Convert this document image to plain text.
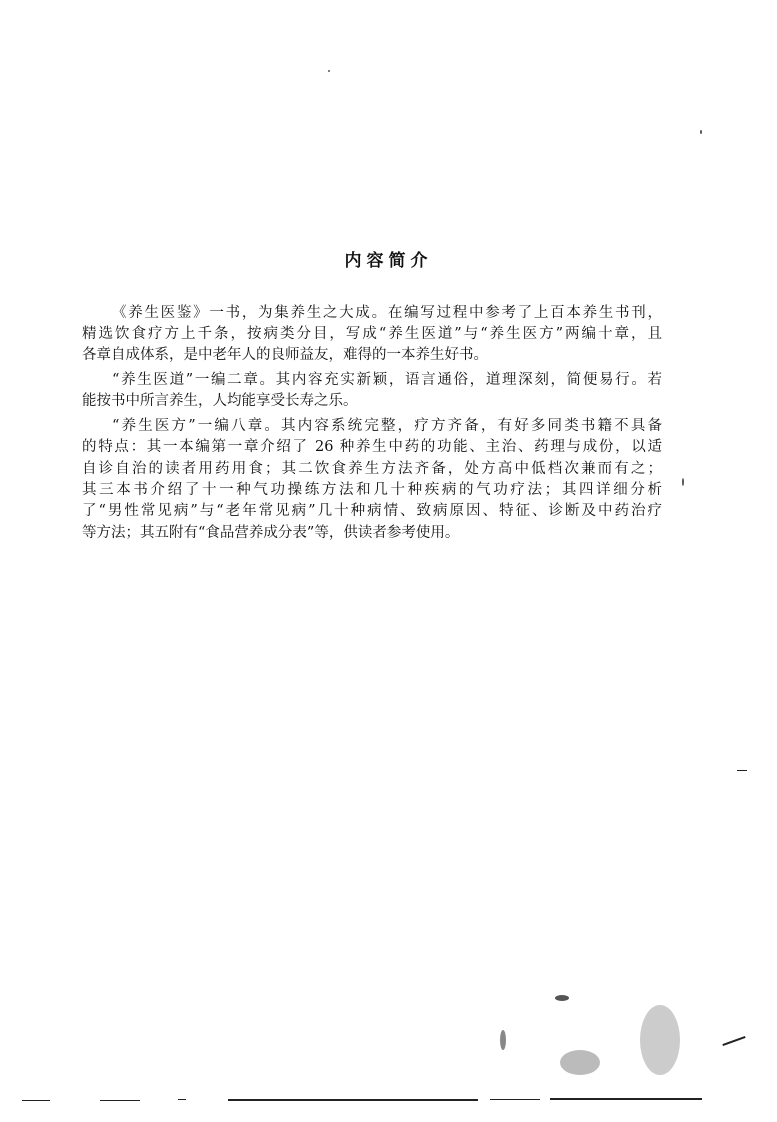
内容简介
《养生医鉴》一书，为集养生之大成。在编写过程中参考了上百本养生书刊，
精选饮食疗方上千条，按病类分目，写成“养生医道”与“养生医方”两编十章，且
各章自成体系，是中老年人的良师益友，难得的一本养生好书。
“养生医道”一编二章。其内容充实新颖，语言通俗，道理深刻，简便易行。若
能按书中所言养生，人均能享受长寿之乐。
“养生医方”一编八章。其内容系统完整，疗方齐备，有好多同类书籍不具备
的特点：其一本编第一章介绍了 26 种养生中药的功能、主治、药理与成份，以适
自诊自治的读者用药用食；其二饮食养生方法齐备，处方高中低档次兼而有之；
其三本书介绍了十一种气功操练方法和几十种疾病的气功疗法；其四详细分析
了“男性常见病”与“老年常见病”几十种病情、致病原因、特征、诊断及中药治疗
等方法；其五附有“食品营养成分表”等，供读者参考使用。
